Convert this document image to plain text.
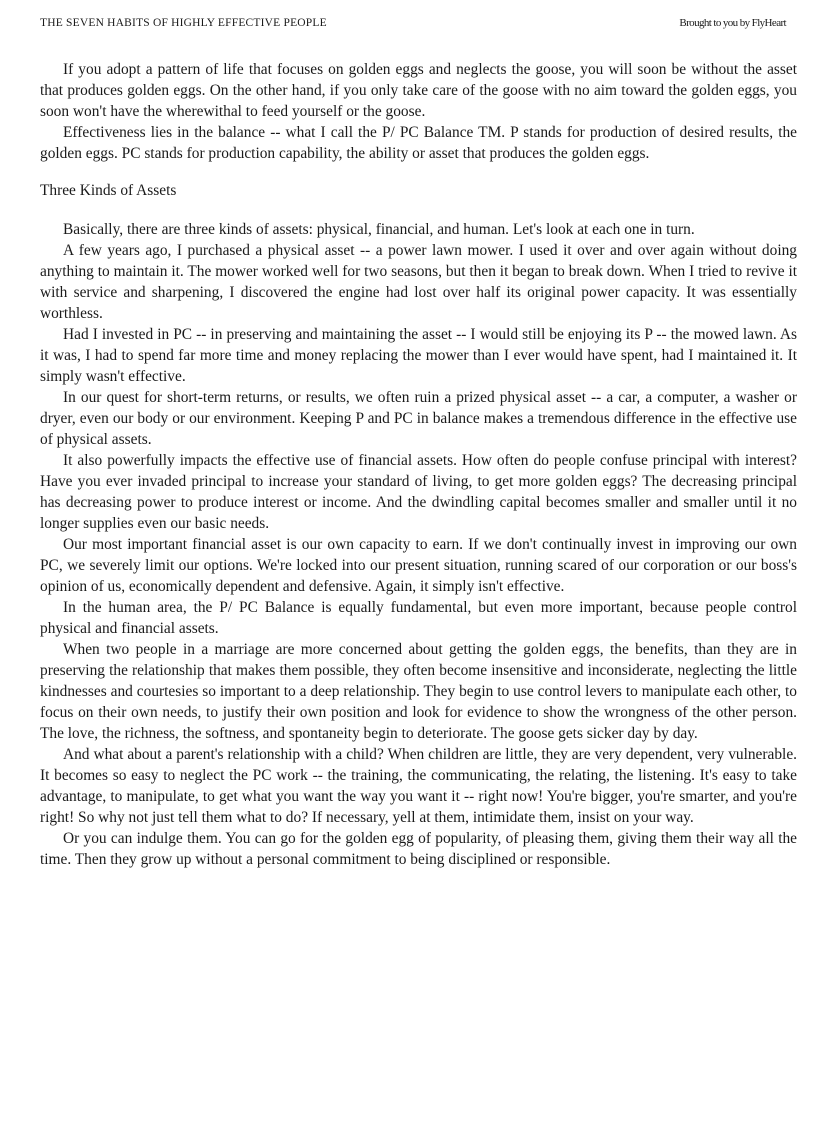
THE SEVEN HABITS OF HIGHLY EFFECTIVE PEOPLE	Brought to you by FlyHeart

If you adopt a pattern of life that focuses on golden eggs and neglects the goose, you will soon be without the asset that produces golden eggs. On the other hand, if you only take care of the goose with no aim toward the golden eggs, you soon won't have the wherewithal to feed yourself or the goose.

Effectiveness lies in the balance -- what I call the P/ PC Balance TM. P stands for production of desired results, the golden eggs. PC stands for production capability, the ability or asset that produces the golden eggs.

Three Kinds of Assets

Basically, there are three kinds of assets: physical, financial, and human. Let's look at each one in turn.

A few years ago, I purchased a physical asset -- a power lawn mower. I used it over and over again without doing anything to maintain it. The mower worked well for two seasons, but then it began to break down. When I tried to revive it with service and sharpening, I discovered the engine had lost over half its original power capacity. It was essentially worthless.

Had I invested in PC -- in preserving and maintaining the asset -- I would still be enjoying its P -- the mowed lawn. As it was, I had to spend far more time and money replacing the mower than I ever would have spent, had I maintained it. It simply wasn't effective.

In our quest for short-term returns, or results, we often ruin a prized physical asset -- a car, a computer, a washer or dryer, even our body or our environment. Keeping P and PC in balance makes a tremendous difference in the effective use of physical assets.

It also powerfully impacts the effective use of financial assets. How often do people confuse principal with interest? Have you ever invaded principal to increase your standard of living, to get more golden eggs? The decreasing principal has decreasing power to produce interest or income. And the dwindling capital becomes smaller and smaller until it no longer supplies even our basic needs.

Our most important financial asset is our own capacity to earn. If we don't continually invest in improving our own PC, we severely limit our options. We're locked into our present situation, running scared of our corporation or our boss's opinion of us, economically dependent and defensive. Again, it simply isn't effective.

In the human area, the P/ PC Balance is equally fundamental, but even more important, because people control physical and financial assets.

When two people in a marriage are more concerned about getting the golden eggs, the benefits, than they are in preserving the relationship that makes them possible, they often become insensitive and inconsiderate, neglecting the little kindnesses and courtesies so important to a deep relationship. They begin to use control levers to manipulate each other, to focus on their own needs, to justify their own position and look for evidence to show the wrongness of the other person. The love, the richness, the softness, and spontaneity begin to deteriorate. The goose gets sicker day by day.

And what about a parent's relationship with a child? When children are little, they are very dependent, very vulnerable. It becomes so easy to neglect the PC work -- the training, the communicating, the relating, the listening. It's easy to take advantage, to manipulate, to get what you want the way you want it -- right now! You're bigger, you're smarter, and you're right! So why not just tell them what to do? If necessary, yell at them, intimidate them, insist on your way.

Or you can indulge them. You can go for the golden egg of popularity, of pleasing them, giving them their way all the time. Then they grow up without a personal commitment to being disciplined or responsible.
